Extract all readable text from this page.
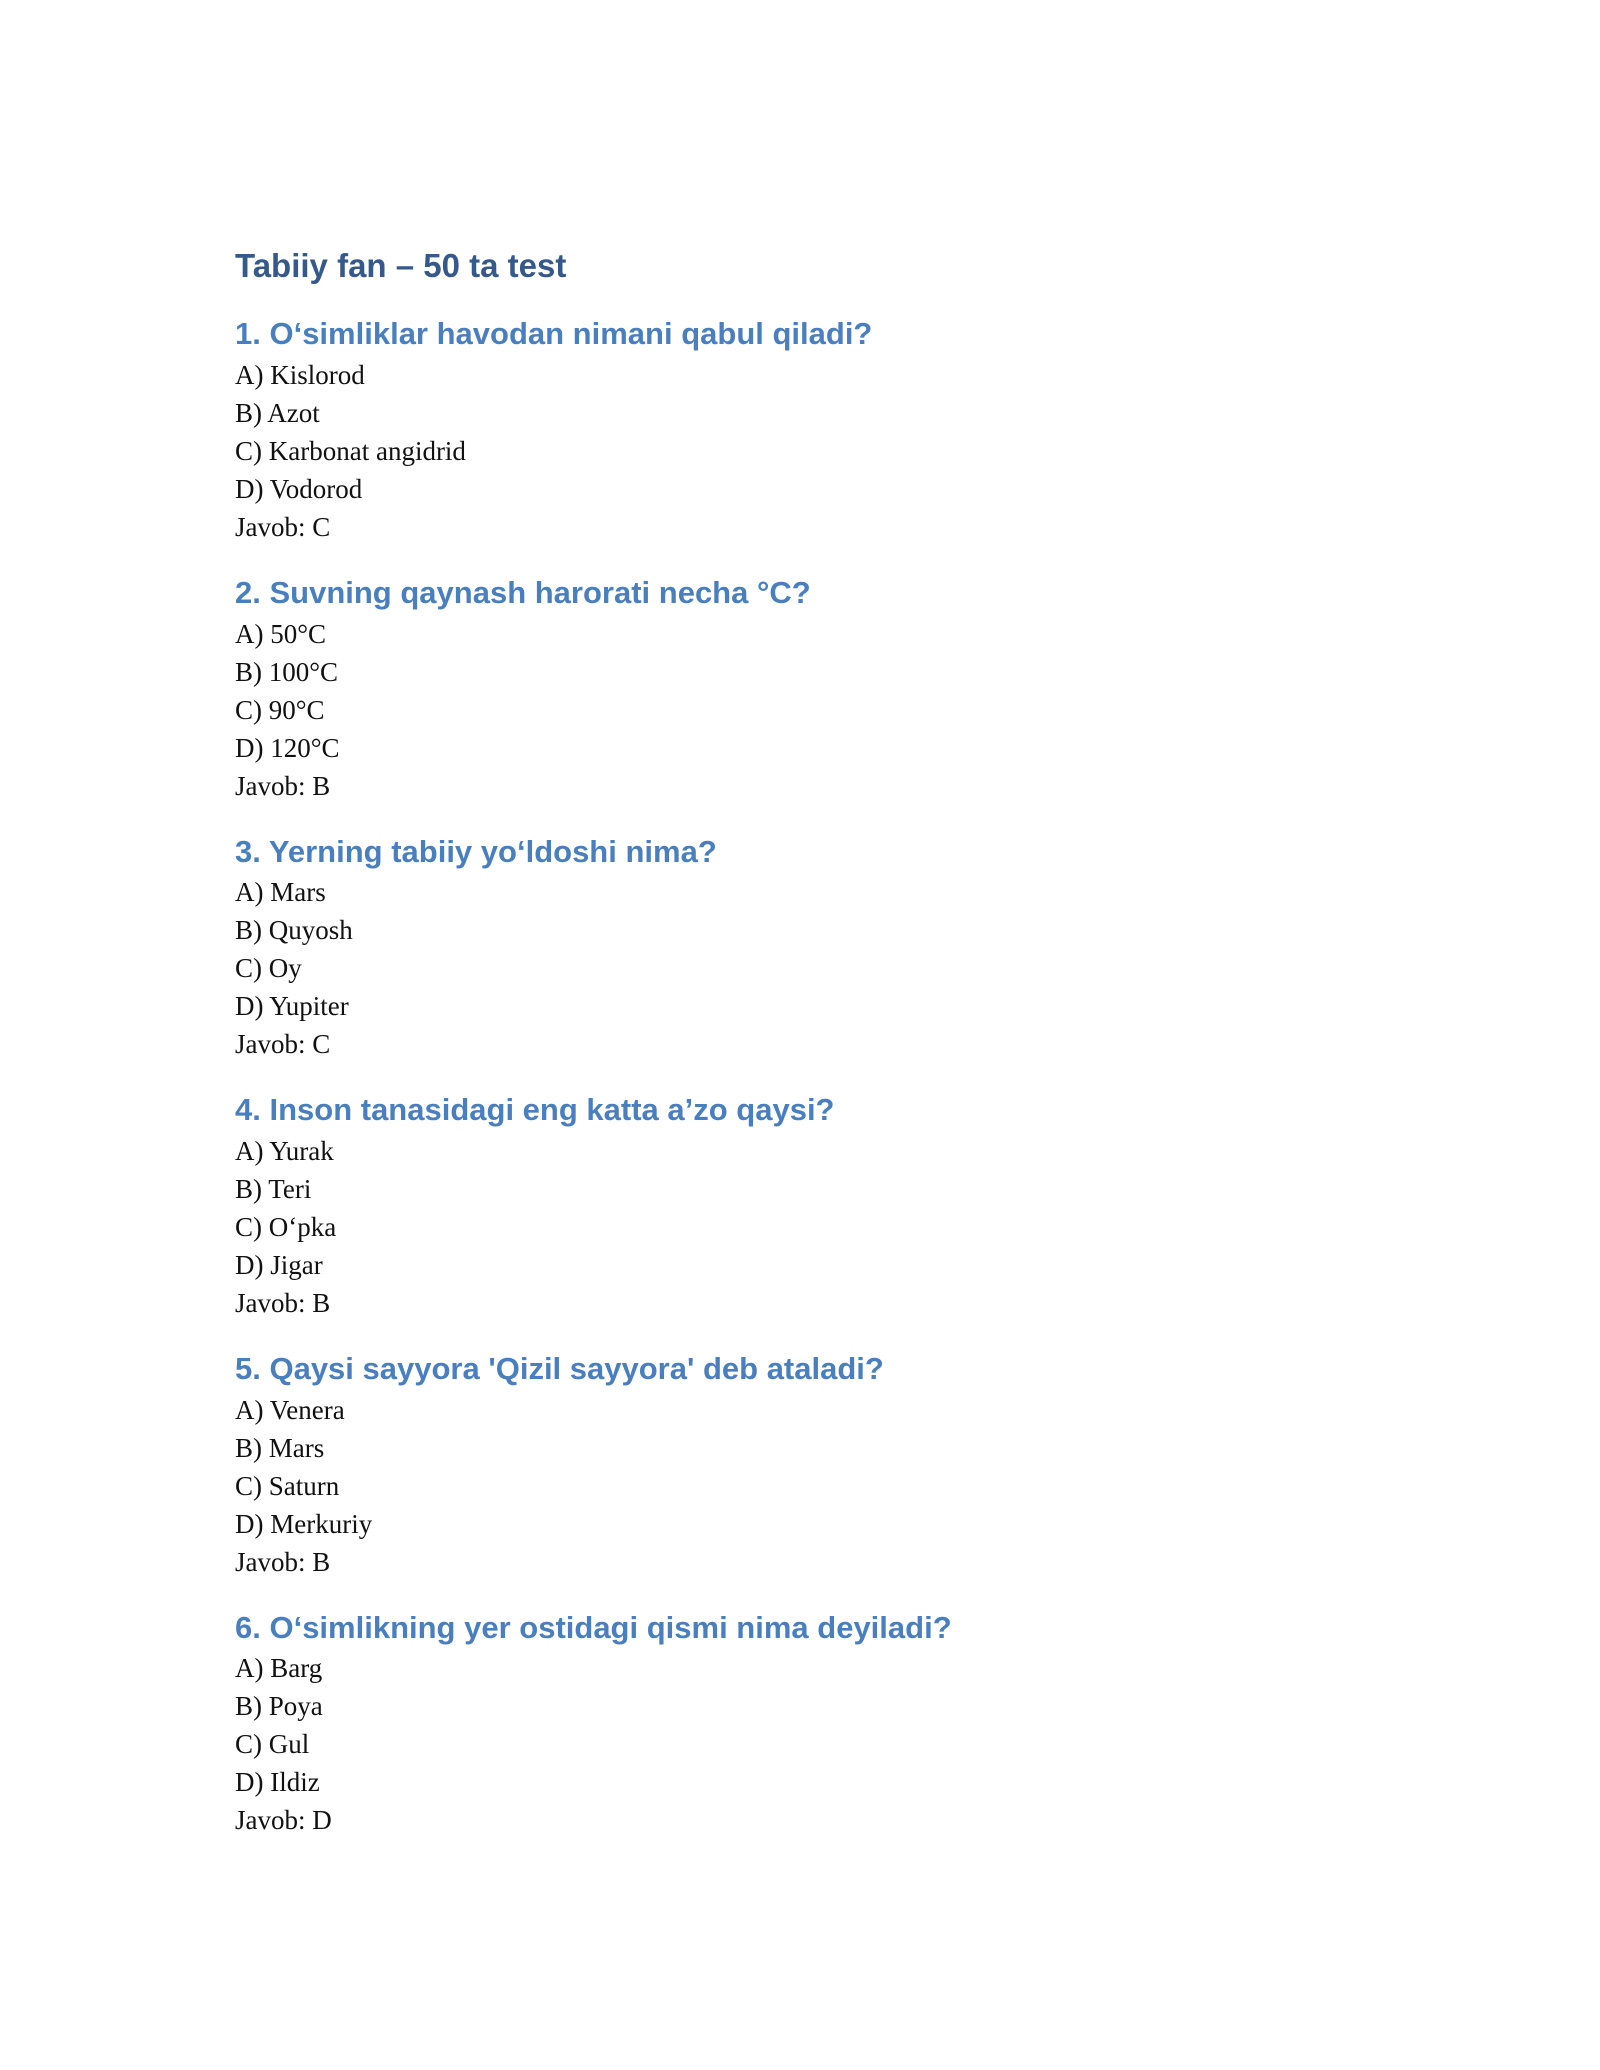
Tabiiy fan – 50 ta test
1. O‘simliklar havodan nimani qabul qiladi?
A) Kislorod
B) Azot
C) Karbonat angidrid
D) Vodorod
Javob: C
2. Suvning qaynash harorati necha °C?
A) 50°C
B) 100°C
C) 90°C
D) 120°C
Javob: B
3. Yerning tabiiy yo‘ldoshi nima?
A) Mars
B) Quyosh
C) Oy
D) Yupiter
Javob: C
4. Inson tanasidagi eng katta a’zo qaysi?
A) Yurak
B) Teri
C) O‘pka
D) Jigar
Javob: B
5. Qaysi sayyora 'Qizil sayyora' deb ataladi?
A) Venera
B) Mars
C) Saturn
D) Merkuriy
Javob: B
6. O‘simlikning yer ostidagi qismi nima deyiladi?
A) Barg
B) Poya
C) Gul
D) Ildiz
Javob: D
